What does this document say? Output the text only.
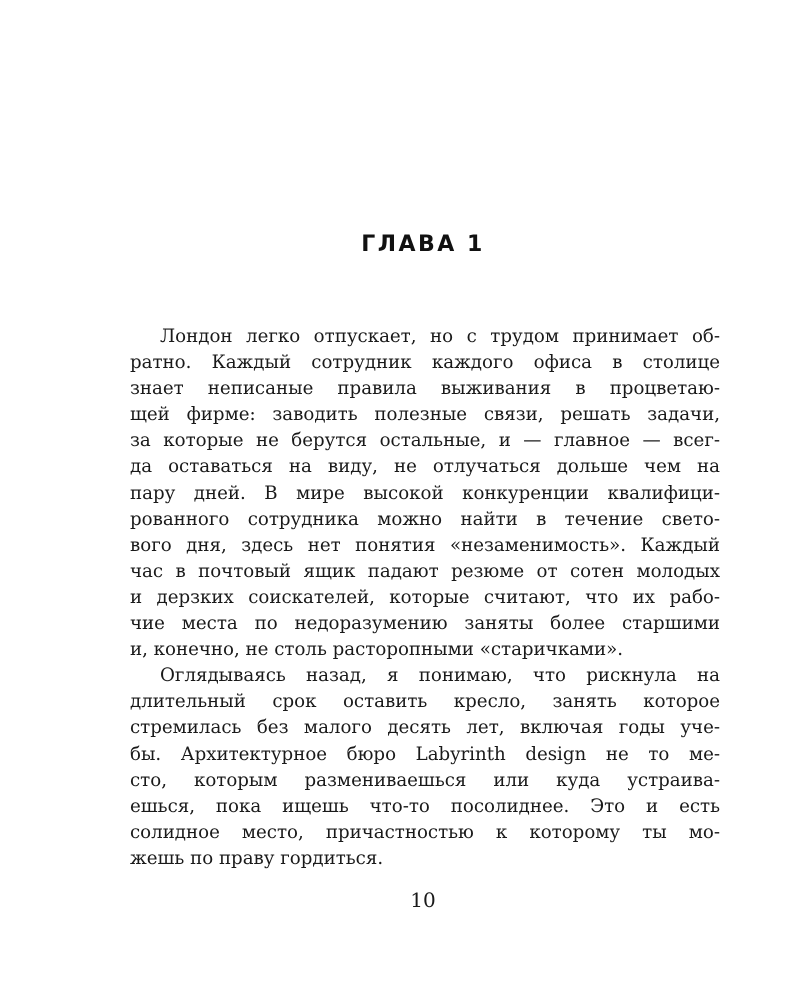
ГЛАВА 1
Лондон легко отпускает, но с трудом принимает об-
ратно. Каждый сотрудник каждого офиса в столице
знает неписаные правила выживания в процветаю-
щей фирме: заводить полезные связи, решать задачи,
за которые не берутся остальные, и — главное — всег-
да оставаться на виду, не отлучаться дольше чем на
пару дней. В мире высокой конкуренции квалифици-
рованного сотрудника можно найти в течение свето-
вого дня, здесь нет понятия «незаменимость». Каждый
час в почтовый ящик падают резюме от сотен молодых
и дерзких соискателей, которые считают, что их рабо-
чие места по недоразумению заняты более старшими
и, конечно, не столь расторопными «старичками».
Оглядываясь назад, я понимаю, что рискнула на
длительный срок оставить кресло, занять которое
стремилась без малого десять лет, включая годы уче-
бы. Архитектурное бюро Labyrinth design не то ме-
сто, которым размениваешься или куда устраива-
ешься, пока ищешь что-то посолиднее. Это и есть
солидное место, причастностью к которому ты мо-
жешь по праву гордиться.
10
